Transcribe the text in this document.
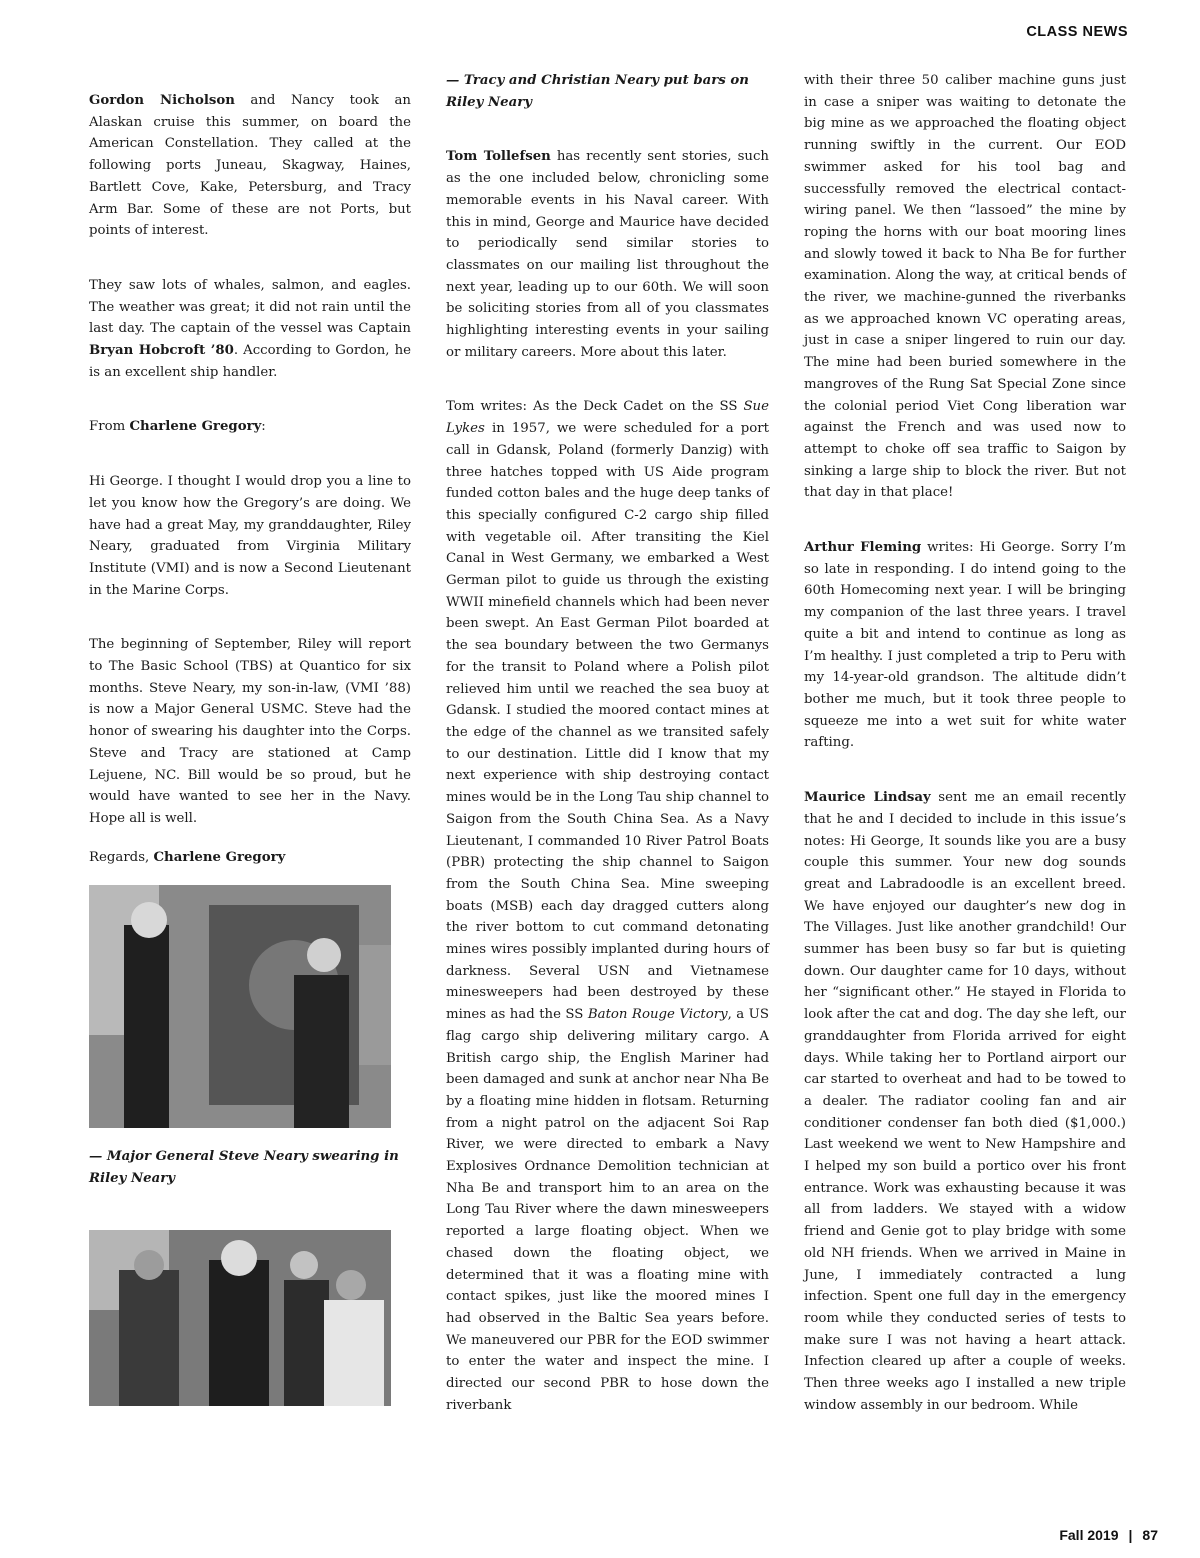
CLASS NEWS

Gordon Nicholson and Nancy took an Alaskan cruise this summer, on board the American Constellation. They called at the following ports Juneau, Skagway, Haines, Bartlett Cove, Kake, Petersburg, and Tracy Arm Bar. Some of these are not Ports, but points of interest.

They saw lots of whales, salmon, and eagles. The weather was great; it did not rain until the last day. The captain of the vessel was Captain Bryan Hobcroft ’80. According to Gordon, he is an excellent ship handler.

From Charlene Gregory:

Hi George. I thought I would drop you a line to let you know how the Gregory’s are doing. We have had a great May, my granddaughter, Riley Neary, graduated from Virginia Military Institute (VMI) and is now a Second Lieutenant in the Marine Corps.

The beginning of September, Riley will report to The Basic School (TBS) at Quantico for six months. Steve Neary, my son-in-law, (VMI ’88) is now a Major General USMC. Steve had the honor of swearing his daughter into the Corps. Steve and Tracy are stationed at Camp Lejuene, NC. Bill would be so proud, but he would have wanted to see her in the Navy. Hope all is well.

Regards, Charlene Gregory

— Major General Steve Neary swearing in Riley Neary

— Tracy and Christian Neary put bars on Riley Neary

Tom Tollefsen has recently sent stories, such as the one included below, chronicling some memorable events in his Naval career. With this in mind, George and Maurice have decided to periodically send similar stories to classmates on our mailing list throughout the next year, leading up to our 60th. We will soon be soliciting stories from all of you classmates highlighting interesting events in your sailing or military careers. More about this later.

Tom writes: As the Deck Cadet on the SS Sue Lykes in 1957, we were scheduled for a port call in Gdansk, Poland (formerly Danzig) with three hatches topped with US Aide program funded cotton bales and the huge deep tanks of this specially configured C-2 cargo ship filled with vegetable oil. After transiting the Kiel Canal in West Germany, we embarked a West German pilot to guide us through the existing WWII minefield channels which had been never been swept. An East German Pilot boarded at the sea boundary between the two Germanys for the transit to Poland where a Polish pilot relieved him until we reached the sea buoy at Gdansk. I studied the moored contact mines at the edge of the channel as we transited safely to our destination. Little did I know that my next experience with ship destroying contact mines would be in the Long Tau ship channel to Saigon from the South China Sea. As a Navy Lieutenant, I commanded 10 River Patrol Boats (PBR) protecting the ship channel to Saigon from the South China Sea. Mine sweeping boats (MSB) each day dragged cutters along the river bottom to cut command detonating mines wires possibly implanted during hours of darkness. Several USN and Vietnamese minesweepers had been destroyed by these mines as had the SS Baton Rouge Victory, a US flag cargo ship delivering military cargo. A British cargo ship, the English Mariner had been damaged and sunk at anchor near Nha Be by a floating mine hidden in flotsam. Returning from a night patrol on the adjacent Soi Rap River, we were directed to embark a Navy Explosives Ordnance Demolition technician at Nha Be and transport him to an area on the Long Tau River where the dawn minesweepers reported a large floating object. When we chased down the floating object, we determined that it was a floating mine with contact spikes, just like the moored mines I had observed in the Baltic Sea years before. We maneuvered our PBR for the EOD swimmer to enter the water and inspect the mine. I directed our second PBR to hose down the riverbank

with their three 50 caliber machine guns just in case a sniper was waiting to detonate the big mine as we approached the floating object running swiftly in the current. Our EOD swimmer asked for his tool bag and successfully removed the electrical contact-wiring panel. We then “lassoed” the mine by roping the horns with our boat mooring lines and slowly towed it back to Nha Be for further examination. Along the way, at critical bends of the river, we machine-gunned the riverbanks as we approached known VC operating areas, just in case a sniper lingered to ruin our day. The mine had been buried somewhere in the mangroves of the Rung Sat Special Zone since the colonial period Viet Cong liberation war against the French and was used now to attempt to choke off sea traffic to Saigon by sinking a large ship to block the river. But not that day in that place!

Arthur Fleming writes: Hi George. Sorry I’m so late in responding. I do intend going to the 60th Homecoming next year. I will be bringing my companion of the last three years. I travel quite a bit and intend to continue as long as I’m healthy. I just completed a trip to Peru with my 14-year-old grandson. The altitude didn’t bother me much, but it took three people to squeeze me into a wet suit for white water rafting.

Maurice Lindsay sent me an email recently that he and I decided to include in this issue’s notes: Hi George, It sounds like you are a busy couple this summer. Your new dog sounds great and Labradoodle is an excellent breed. We have enjoyed our daughter’s new dog in The Villages. Just like another grandchild! Our summer has been busy so far but is quieting down. Our daughter came for 10 days, without her “significant other.” He stayed in Florida to look after the cat and dog. The day she left, our granddaughter from Florida arrived for eight days. While taking her to Portland airport our car started to overheat and had to be towed to a dealer. The radiator cooling fan and air conditioner condenser fan both died ($1,000.) Last weekend we went to New Hampshire and I helped my son build a portico over his front entrance. Work was exhausting because it was all from ladders. We stayed with a widow friend and Genie got to play bridge with some old NH friends. When we arrived in Maine in June, I immediately contracted a lung infection. Spent one full day in the emergency room while they conducted series of tests to make sure I was not having a heart attack. Infection cleared up after a couple of weeks. Then three weeks ago I installed a new triple window assembly in our bedroom. While

Fall 2019 | 87
